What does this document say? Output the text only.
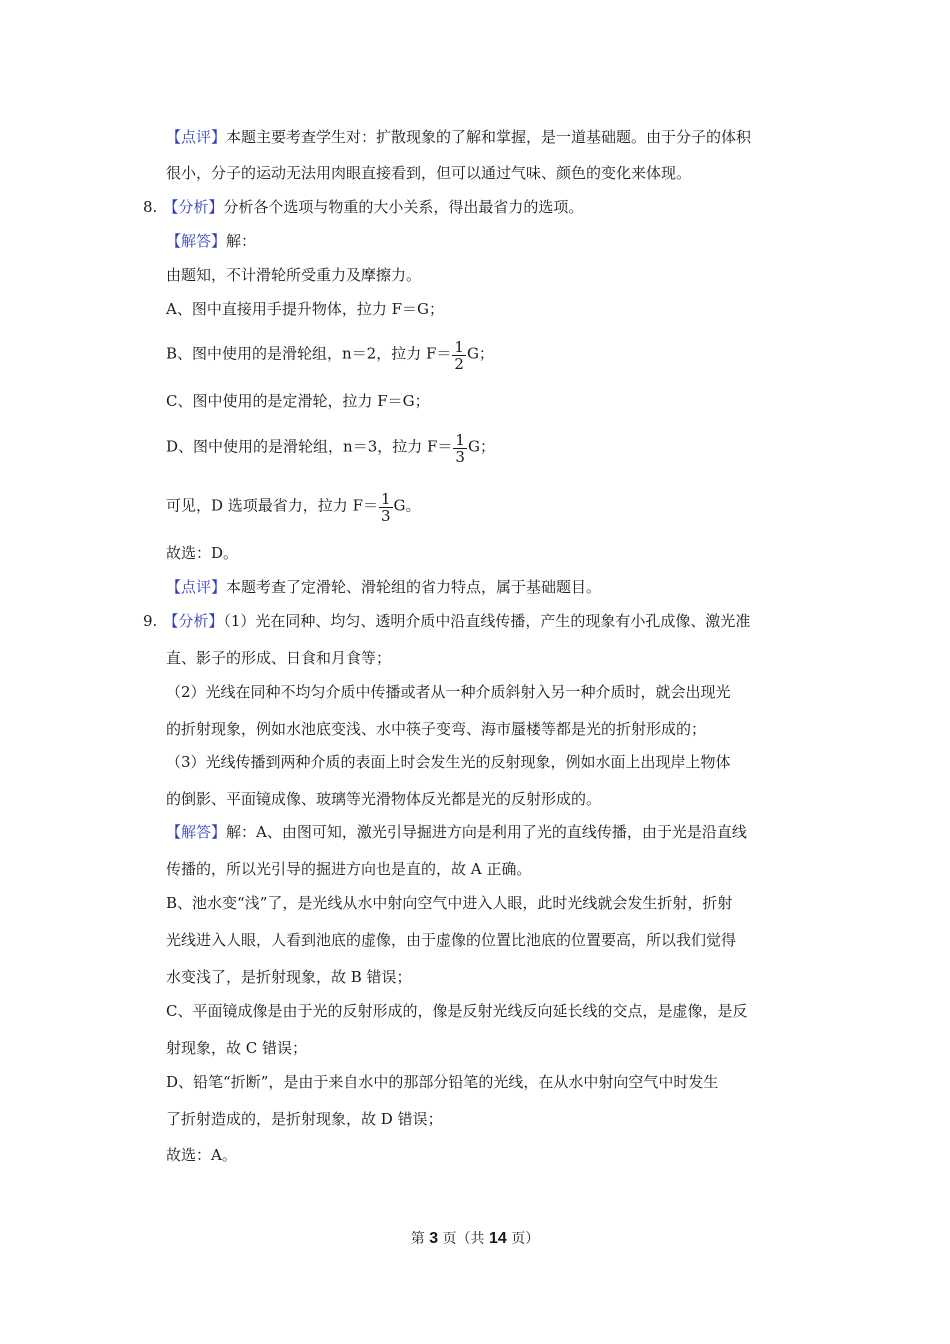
【点评】本题主要考查学生对：扩散现象的了解和掌握，是一道基础题。由于分子的体积
很小，分子的运动无法用肉眼直接看到，但可以通过气味、颜色的变化来体现。
8. 【分析】分析各个选项与物重的大小关系，得出最省力的选项。
【解答】解：
由题知，不计滑轮所受重力及摩擦力。
A、图中直接用手提升物体，拉力 F＝G；
B、图中使用的是滑轮组，n＝2，拉力 $F= \frac{1}{2}$ G；
C、图中使用的是定滑轮，拉力 F＝G；
D、图中使用的是滑轮组，n＝3，拉力 $F= \frac{1}{3}$ G；
可见，D 选项最省力，拉力 $F= \frac{1}{3}$ G。
故选：D。
【点评】本题考查了定滑轮、滑轮组的省力特点，属于基础题目。
9. 【分析】（1）光在同种、均匀、透明介质中沿直线传播，产生的现象有小孔成像、激光准
直、影子的形成、日食和月食等；
（2）光线在同种不均匀介质中传播或者从一种介质斜射入另一种介质时，就会出现光
的折射现象，例如水池底变浅、水中筷子变弯、海市蜃楼等都是光的折射形成的；
（3）光线传播到两种介质的表面上时会发生光的反射现象，例如水面上出现岸上物体
的倒影、平面镜成像、玻璃等光滑物体反光都是光的反射形成的。
【解答】解：A、由图可知，激光引导掘进方向是利用了光的直线传播，由于光是沿直线
传播的，所以光引导的掘进方向也是直的，故 A 正确。
B、池水变“浅”了，是光线从水中射向空气中进入人眼，此时光线就会发生折射，折射
光线进入人眼，人看到池底的虚像，由于虚像的位置比池底的位置要高，所以我们觉得
水变浅了，是折射现象，故 B 错误；
C、平面镜成像是由于光的反射形成的，像是反射光线反向延长线的交点，是虚像，是反
射现象，故 C 错误；
D、铅笔“折断”，是由于来自水中的那部分铅笔的光线，在从水中射向空气中时发生
了折射造成的，是折射现象，故 D 错误；
故选：A。
第 3 页（共 14 页）
